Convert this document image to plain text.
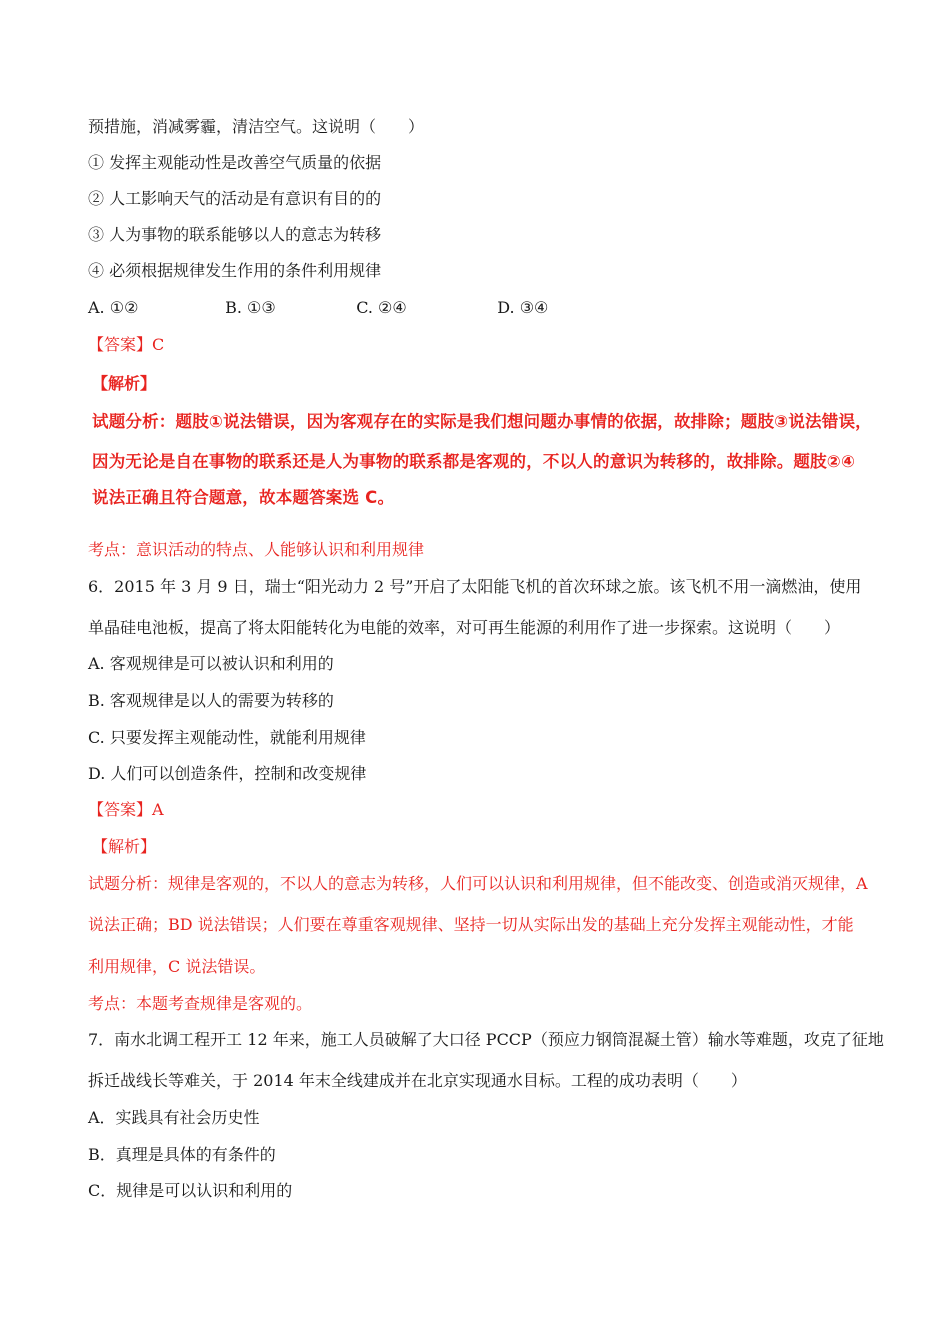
预措施，消减雾霾，清洁空气。这说明（　　）
① 发挥主观能动性是改善空气质量的依据
② 人工影响天气的活动是有意识有目的的
③ 人为事物的联系能够以人的意志为转移
④ 必须根据规律发生作用的条件利用规律
A. ①②	B. ①③	C. ②④	D. ③④
【答案】C
【解析】
试题分析：题肢①说法错误，因为客观存在的实际是我们想问题办事情的依据，故排除；题肢③说法错误，
因为无论是自在事物的联系还是人为事物的联系都是客观的，不以人的意识为转移的，故排除。题肢②④
说法正确且符合题意，故本题答案选 C。
考点：意识活动的特点、人能够认识和利用规律
6．2015 年 3 月 9 日，瑞士“阳光动力 2 号”开启了太阳能飞机的首次环球之旅。该飞机不用一滴燃油，使用
单晶硅电池板，提高了将太阳能转化为电能的效率，对可再生能源的利用作了进一步探索。这说明（　　）
A. 客观规律是可以被认识和利用的
B. 客观规律是以人的需要为转移的
C. 只要发挥主观能动性，就能利用规律
D. 人们可以创造条件，控制和改变规律
【答案】A
【解析】
试题分析：规律是客观的，不以人的意志为转移，人们可以认识和利用规律，但不能改变、创造或消灭规律，A
说法正确；BD 说法错误；人们要在尊重客观规律、坚持一切从实际出发的基础上充分发挥主观能动性，才能
利用规律，C 说法错误。
考点：本题考查规律是客观的。
7．南水北调工程开工 12 年来，施工人员破解了大口径 PCCP（预应力钢筒混凝土管）输水等难题，攻克了征地
拆迁战线长等难关，于 2014 年末全线建成并在北京实现通水目标。工程的成功表明（　　）
A．实践具有社会历史性
B．真理是具体的有条件的
C．规律是可以认识和利用的
